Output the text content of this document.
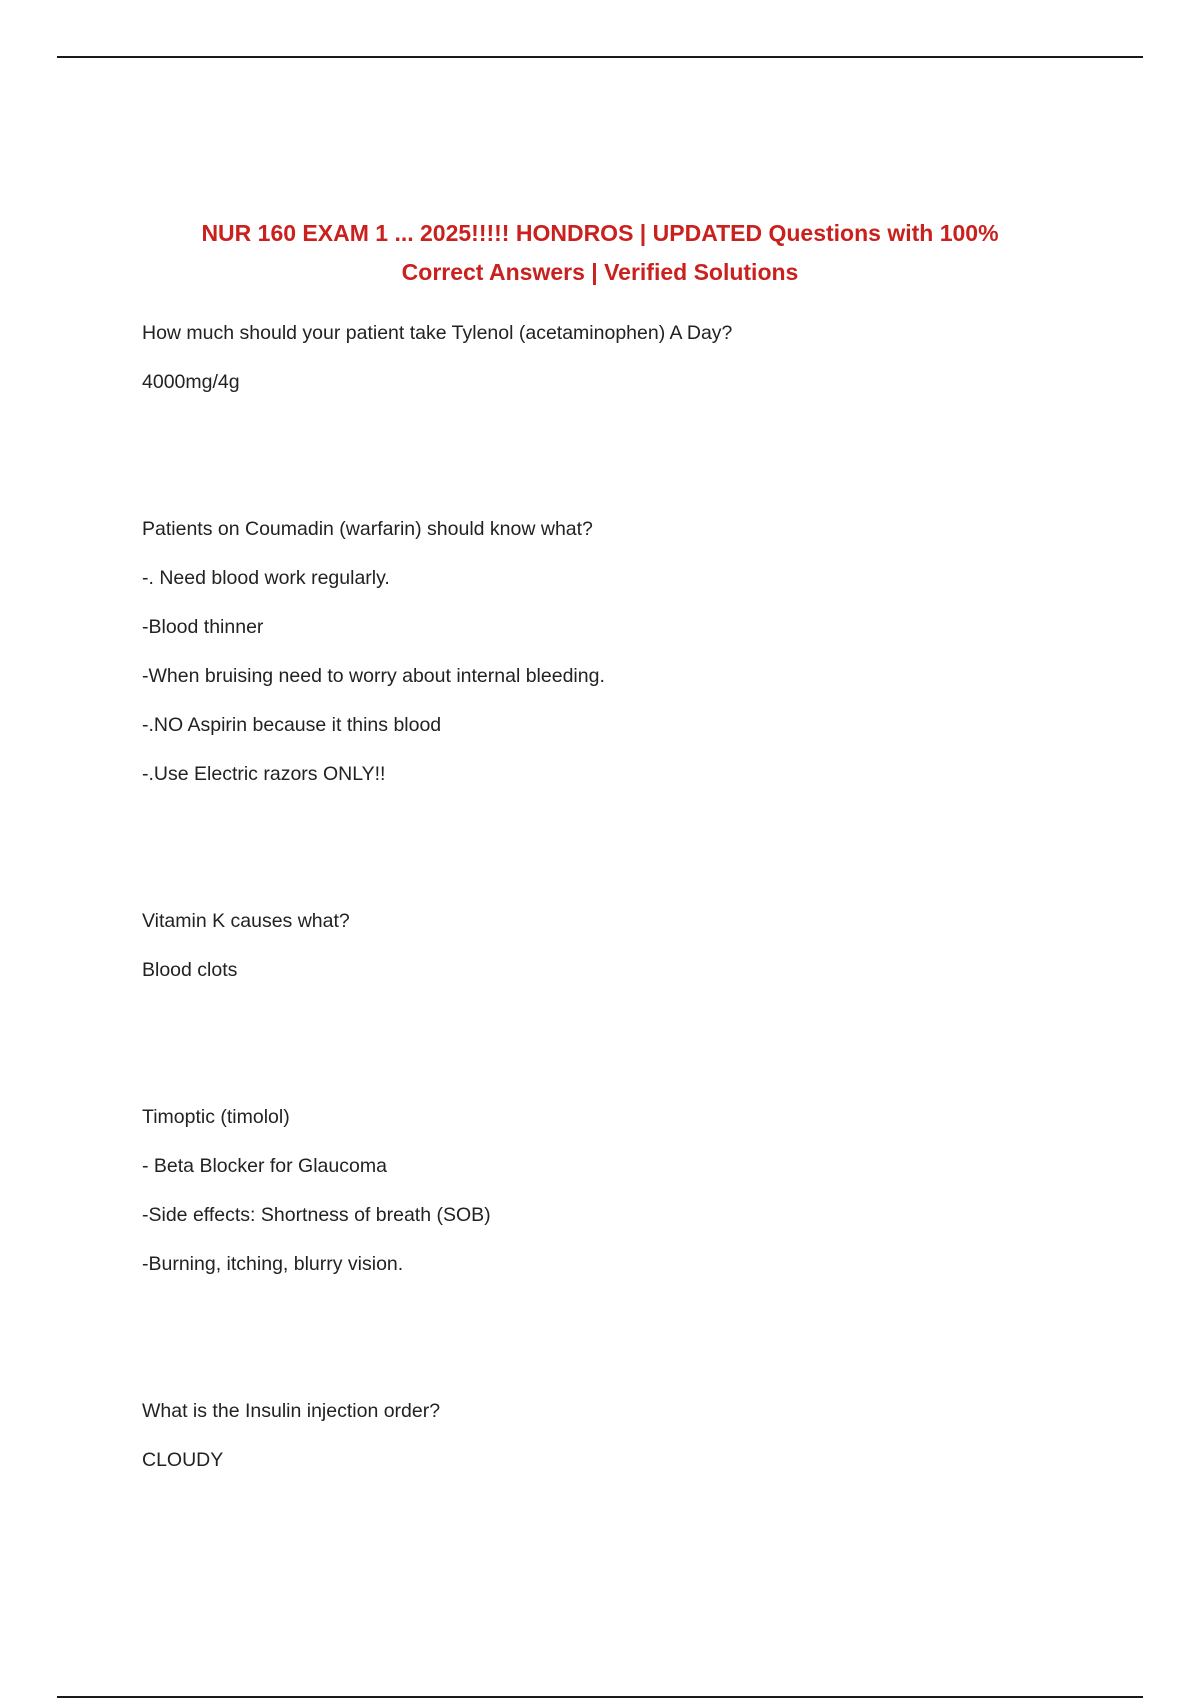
NUR 160 EXAM 1 ... 2025!!!!! HONDROS | UPDATED Questions with 100%
Correct Answers | Verified Solutions
How much should your patient take Tylenol (acetaminophen) A Day?
4000mg/4g
Patients on Coumadin (warfarin) should know what?
-. Need blood work regularly.
-Blood thinner
-When bruising need to worry about internal bleeding.
-.NO Aspirin because it thins blood
-.Use Electric razors ONLY!!
Vitamin K causes what?
Blood clots
Timoptic (timolol)
- Beta Blocker for Glaucoma
-Side effects: Shortness of breath (SOB)
-Burning, itching, blurry vision.
What is the Insulin injection order?
CLOUDY
